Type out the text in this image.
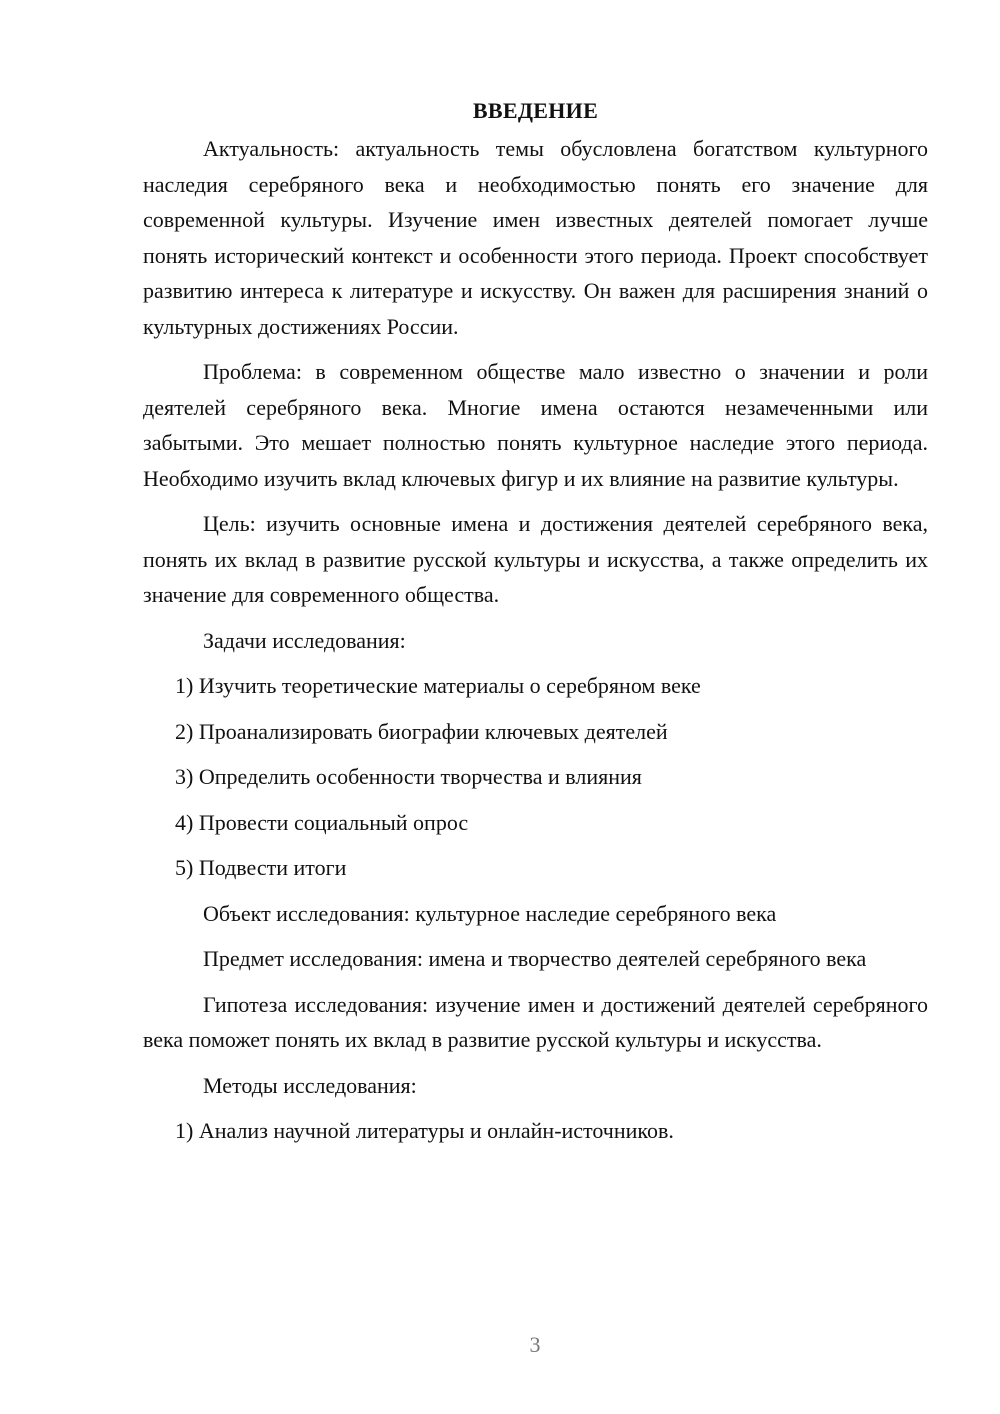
ВВЕДЕНИЕ

Актуальность: актуальность темы обусловлена богатством культурного наследия серебряного века и необходимостью понять его значение для современной культуры. Изучение имен известных деятелей помогает лучше понять исторический контекст и особенности этого периода. Проект способствует развитию интереса к литературе и искусству. Он важен для расширения знаний о культурных достижениях России.

Проблема: в современном обществе мало известно о значении и роли деятелей серебряного века. Многие имена остаются незамеченными или забытыми. Это мешает полностью понять культурное наследие этого периода. Необходимо изучить вклад ключевых фигур и их влияние на развитие культуры.

Цель: изучить основные имена и достижения деятелей серебряного века, понять их вклад в развитие русской культуры и искусства, а также определить их значение для современного общества.

Задачи исследования:

1) Изучить теоретические материалы о серебряном веке
2) Проанализировать биографии ключевых деятелей
3) Определить особенности творчества и влияния
4) Провести социальный опрос
5) Подвести итоги

Объект исследования: культурное наследие серебряного века

Предмет исследования: имена и творчество деятелей серебряного века

Гипотеза исследования: изучение имен и достижений деятелей серебряного века поможет понять их вклад в развитие русской культуры и искусства.

Методы исследования:

1) Анализ научной литературы и онлайн-источников.
3
